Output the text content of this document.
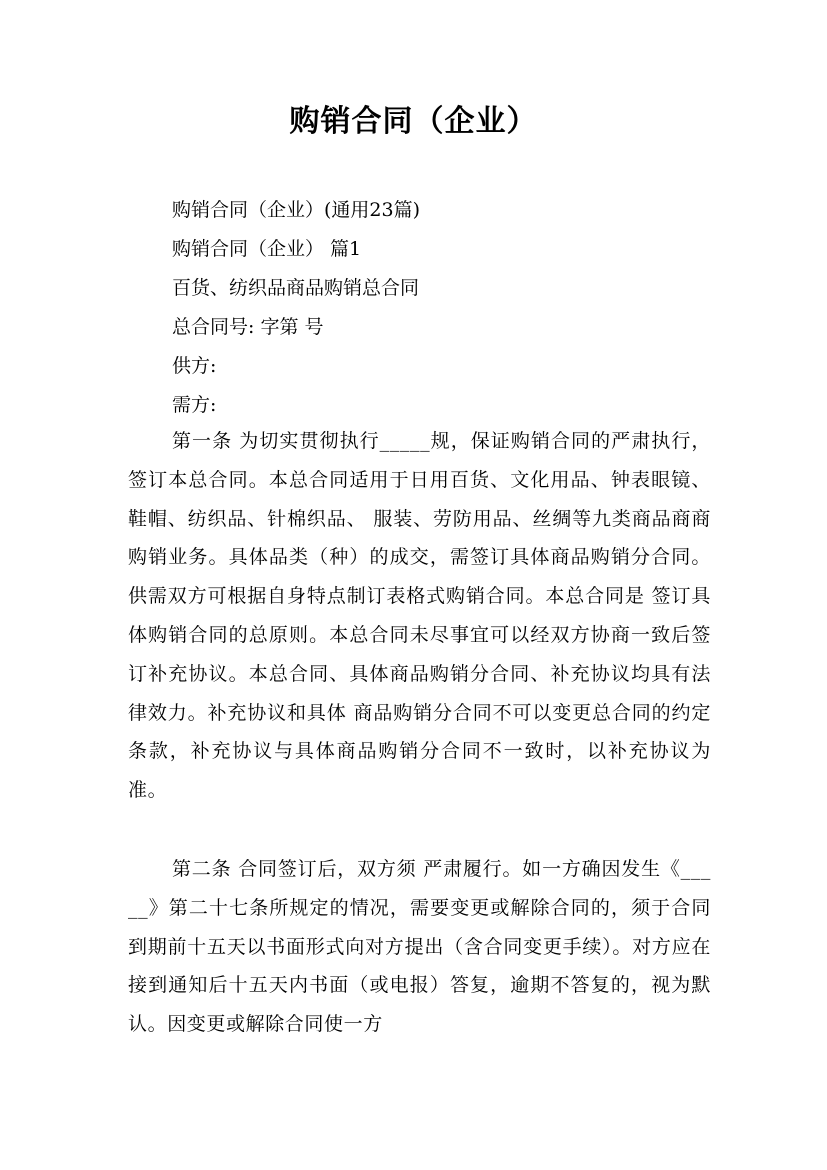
购销合同（企业）
购销合同（企业）(通用23篇)
购销合同（企业） 篇1
百货、纺织品商品购销总合同
总合同号: 字第 号
供方:
需方:
第一条 为切实贯彻执行_____规，保证购销合同的严肃执行，签订本总合同。本总合同适用于日用百货、文化用品、钟表眼镜、鞋帽、纺织品、针棉织品、 服装、劳防用品、丝绸等九类商品商商购销业务。具体品类（种）的成交，需签订具体商品购销分合同。供需双方可根据自身特点制订表格式购销合同。本总合同是 签订具体购销合同的总原则。本总合同未尽事宜可以经双方协商一致后签订补充协议。本总合同、具体商品购销分合同、补充协议均具有法律效力。补充协议和具体 商品购销分合同不可以变更总合同的约定条款，补充协议与具体商品购销分合同不一致时，以补充协议为准。
第二条 合同签订后，双方须 严肃履行。如一方确因发生《_____》第二十七条所规定的情况，需要变更或解除合同的，须于合同到期前十五天以书面形式向对方提出（含合同变更手续）。对方应在接到通知后十五天内书面（或电报）答复，逾期不答复的，视为默认。因变更或解除合同使一方
